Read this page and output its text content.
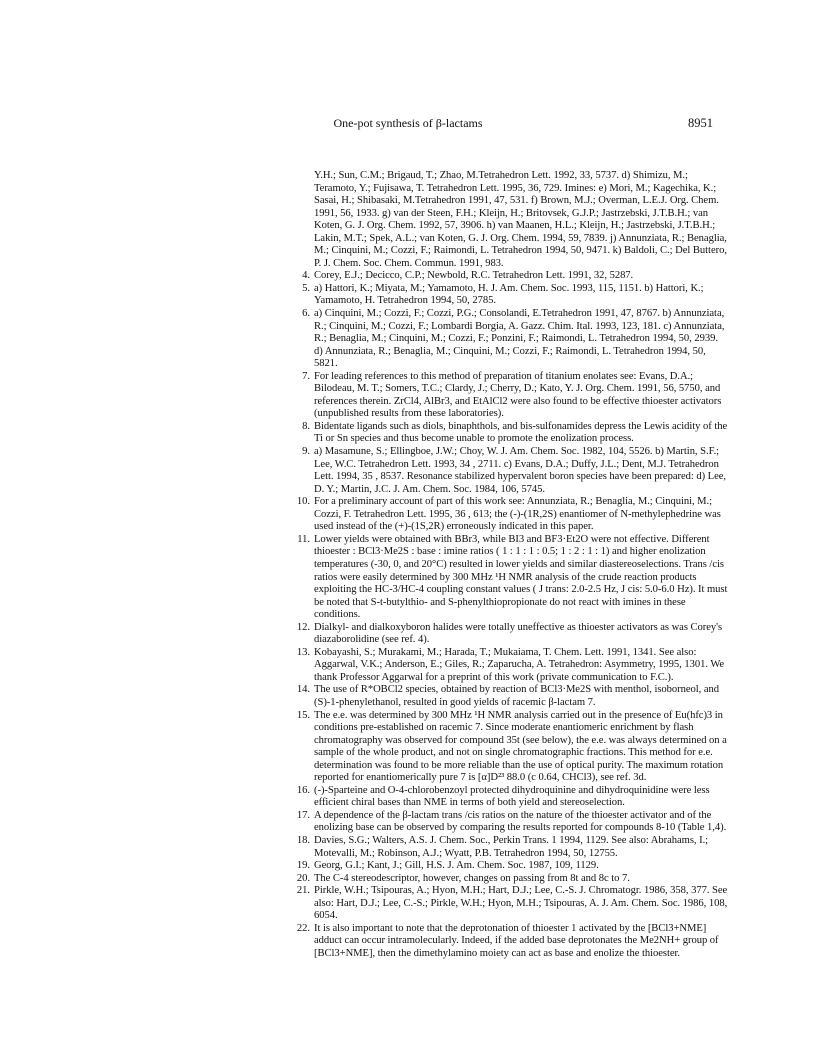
One-pot synthesis of β-lactams	8951
Y.H.; Sun, C.M.; Brigaud, T.; Zhao, M.Tetrahedron Lett. 1992, 33, 5737. d) Shimizu, M.; Teramoto, Y.; Fujisawa, T. Tetrahedron Lett. 1995, 36, 729. Imines: e) Mori, M.; Kagechika, K.; Sasai, H.; Shibasaki, M.Tetrahedron 1991, 47, 531. f) Brown, M.J.; Overman, L.E.J. Org. Chem. 1991, 56, 1933. g) van der Steen, F.H.; Kleijn, H.; Britovsek, G.J.P.; Jastrzebski, J.T.B.H.; van Koten, G. J. Org. Chem. 1992, 57, 3906. h) van Maanen, H.L.; Kleijn, H.; Jastrzebski, J.T.B.H.; Lakin, M.T.; Spek, A.L.; van Koten, G. J. Org. Chem. 1994, 59, 7839. j) Annunziata, R.; Benaglia, M.; Cinquini, M.; Cozzi, F.; Raimondi, L. Tetrahedron 1994, 50, 9471. k) Baldoli, C.; Del Buttero, P. J. Chem. Soc. Chem. Commun. 1991, 983.
4. Corey, E.J.; Decicco, C.P.; Newbold, R.C. Tetrahedron Lett. 1991, 32, 5287.
5. a) Hattori, K.; Miyata, M.; Yamamoto, H. J. Am. Chem. Soc. 1993, 115, 1151. b) Hattori, K.; Yamamoto, H. Tetrahedron 1994, 50, 2785.
6. a) Cinquini, M.; Cozzi, F.; Cozzi, P.G.; Consolandi, E.Tetrahedron 1991, 47, 8767. b) Annunziata, R.; Cinquini, M.; Cozzi, F.; Lombardi Borgia, A. Gazz. Chim. Ital. 1993, 123, 181. c) Annunziata, R.; Benaglia, M.; Cinquini, M.; Cozzi, F.; Ponzini, F.; Raimondi, L. Tetrahedron 1994, 50, 2939. d) Annunziata, R.; Benaglia, M.; Cinquini, M.; Cozzi, F.; Raimondi, L. Tetrahedron 1994, 50, 5821.
7. For leading references to this method of preparation of titanium enolates see: Evans, D.A.; Bilodeau, M. T.; Somers, T.C.; Clardy, J.; Cherry, D.; Kato, Y. J. Org. Chem. 1991, 56, 5750, and references therein. ZrCl4, AlBr3, and EtAlCl2 were also found to be effective thioester activators (unpublished results from these laboratories).
8. Bidentate ligands such as diols, binaphthols, and bis-sulfonamides depress the Lewis acidity of the Ti or Sn species and thus become unable to promote the enolization process.
9. a) Masamune, S.; Ellingboe, J.W.; Choy, W. J. Am. Chem. Soc. 1982, 104, 5526. b) Martin, S.F.; Lee, W.C. Tetrahedron Lett. 1993, 34 , 2711. c) Evans, D.A.; Duffy, J.L.; Dent, M.J. Tetrahedron Lett. 1994, 35 , 8537. Resonance stabilized hypervalent boron species have been prepared: d) Lee, D. Y.; Martin, J.C. J. Am. Chem. Soc. 1984, 106, 5745.
10. For a preliminary account of part of this work see: Annunziata, R.; Benaglia, M.; Cinquini, M.; Cozzi, F. Tetrahedron Lett. 1995, 36 , 613; the (-)-(1R,2S) enantiomer of N-methylephedrine was used instead of the (+)-(1S,2R) erroneously indicated in this paper.
11. Lower yields were obtained with BBr3, while BI3 and BF3·Et2O were not effective. Different thioester : BCl3·Me2S : base : imine ratios ( 1 : 1 : 1 : 0.5; 1 : 2 : 1 : 1) and higher enolization temperatures (-30, 0, and 20°C) resulted in lower yields and similar diastereoselections. Trans /cis ratios were easily determined by 300 MHz ¹H NMR analysis of the crude reaction products exploiting the HC-3/HC-4 coupling constant values ( J trans: 2.0-2.5 Hz, J cis: 5.0-6.0 Hz). It must be noted that S-t-butylthio- and S-phenylthiopropionate do not react with imines in these conditions.
12. Dialkyl- and dialkoxyboron halides were totally uneffective as thioester activators as was Corey's diazaborolidine (see ref. 4).
13. Kobayashi, S.; Murakami, M.; Harada, T.; Mukaiama, T. Chem. Lett. 1991, 1341. See also: Aggarwal, V.K.; Anderson, E.; Giles, R.; Zaparucha, A. Tetrahedron: Asymmetry, 1995, 1301. We thank Professor Aggarwal for a preprint of this work (private communication to F.C.).
14. The use of R*OBCl2 species, obtained by reaction of BCl3·Me2S with menthol, isoborneol, and (S)-1-phenylethanol, resulted in good yields of racemic β-lactam 7.
15. The e.e. was determined by 300 MHz ¹H NMR analysis carried out in the presence of Eu(hfc)3 in conditions pre-established on racemic 7. Since moderate enantiomeric enrichment by flash chromatography was observed for compound 35t (see below), the e.e. was always determined on a sample of the whole product, and not on single chromatographic fractions. This method for e.e. determination was found to be more reliable than the use of optical purity. The maximum rotation reported for enantiomerically pure 7 is [α]D²³ 88.0 (c 0.64, CHCl3), see ref. 3d.
16. (-)-Sparteine and O-4-chlorobenzoyl protected dihydroquinine and dihydroquinidine were less efficient chiral bases than NME in terms of both yield and stereoselection.
17. A dependence of the β-lactam trans /cis ratios on the nature of the thioester activator and of the enolizing base can be observed by comparing the results reported for compounds 8-10 (Table 1,4).
18. Davies, S.G.; Walters, A.S. J. Chem. Soc., Perkin Trans. 1 1994, 1129. See also: Abrahams, I.; Motevalli, M.; Robinson, A.J.; Wyatt, P.B. Tetrahedron 1994, 50, 12755.
19. Georg, G.I.; Kant, J.; Gill, H.S. J. Am. Chem. Soc. 1987, 109, 1129.
20. The C-4 stereodescriptor, however, changes on passing from 8t and 8c to 7.
21. Pirkle, W.H.; Tsipouras, A.; Hyon, M.H.; Hart, D.J.; Lee, C.-S. J. Chromatogr. 1986, 358, 377. See also: Hart, D.J.; Lee, C.-S.; Pirkle, W.H.; Hyon, M.H.; Tsipouras, A. J. Am. Chem. Soc. 1986, 108, 6054.
22. It is also important to note that the deprotonation of thioester 1 activated by the [BCl3+NME] adduct can occur intramolecularly. Indeed, if the added base deprotonates the Me2NH+ group of [BCl3+NME], then the dimethylamino moiety can act as base and enolize the thioester.
